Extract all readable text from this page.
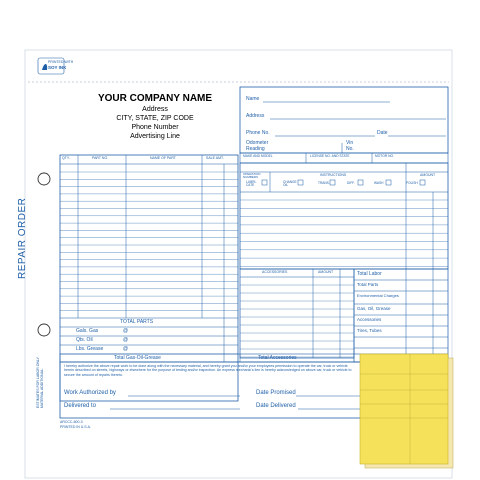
PRINTED WITH
SOY INK
YOUR COMPANY NAME
Address
CITY, STATE, ZIP CODE
Phone Number
Advertising Line
Name
Address
Phone No.	Date
Odometer
Reading
Vin
No.
MAKE AND MODEL	LICENSE NO. AND STATE	MOTOR NO.
QTY.	PART NO.	NAME OF PART	SALE AMT.
OPERATION NUMBERS	INSTRUCTIONS	AMOUNT
LUBRI-CATE
CHANGE OIL
TRANS.	DIFF.	WASH	POLISH
REPAIR ORDER
ESTIMATES FOR LABOR ONLY. MATERIAL ADDITIONAL.
TOTAL PARTS
Gals. Gas	@
Qts. Oil	@
Lbs. Grease	@
Total Gas-Oil-Grease
ACCESSORIES	AMOUNT
Total Accessories
Total Labor
Total Parts
Environmental Charges
Gas, Oil, Grease
Accessories
Tires, Tubes
I hereby authorize the above repair work to be done along with the necessary material, and hereby grant you and/or your employees permission to operate the car, truck or vehicle herein described on streets, highways or elsewhere for the purpose of testing and/or inspection. An express mechanic's lien is hereby acknowledged on above car, truck or vehicle to secure the amount of repairs thereto.
Work Authorized by
Delivered to
Date Promised
Date Delivered
ARCCC-600-3
PRINTED IN U.S.A.
